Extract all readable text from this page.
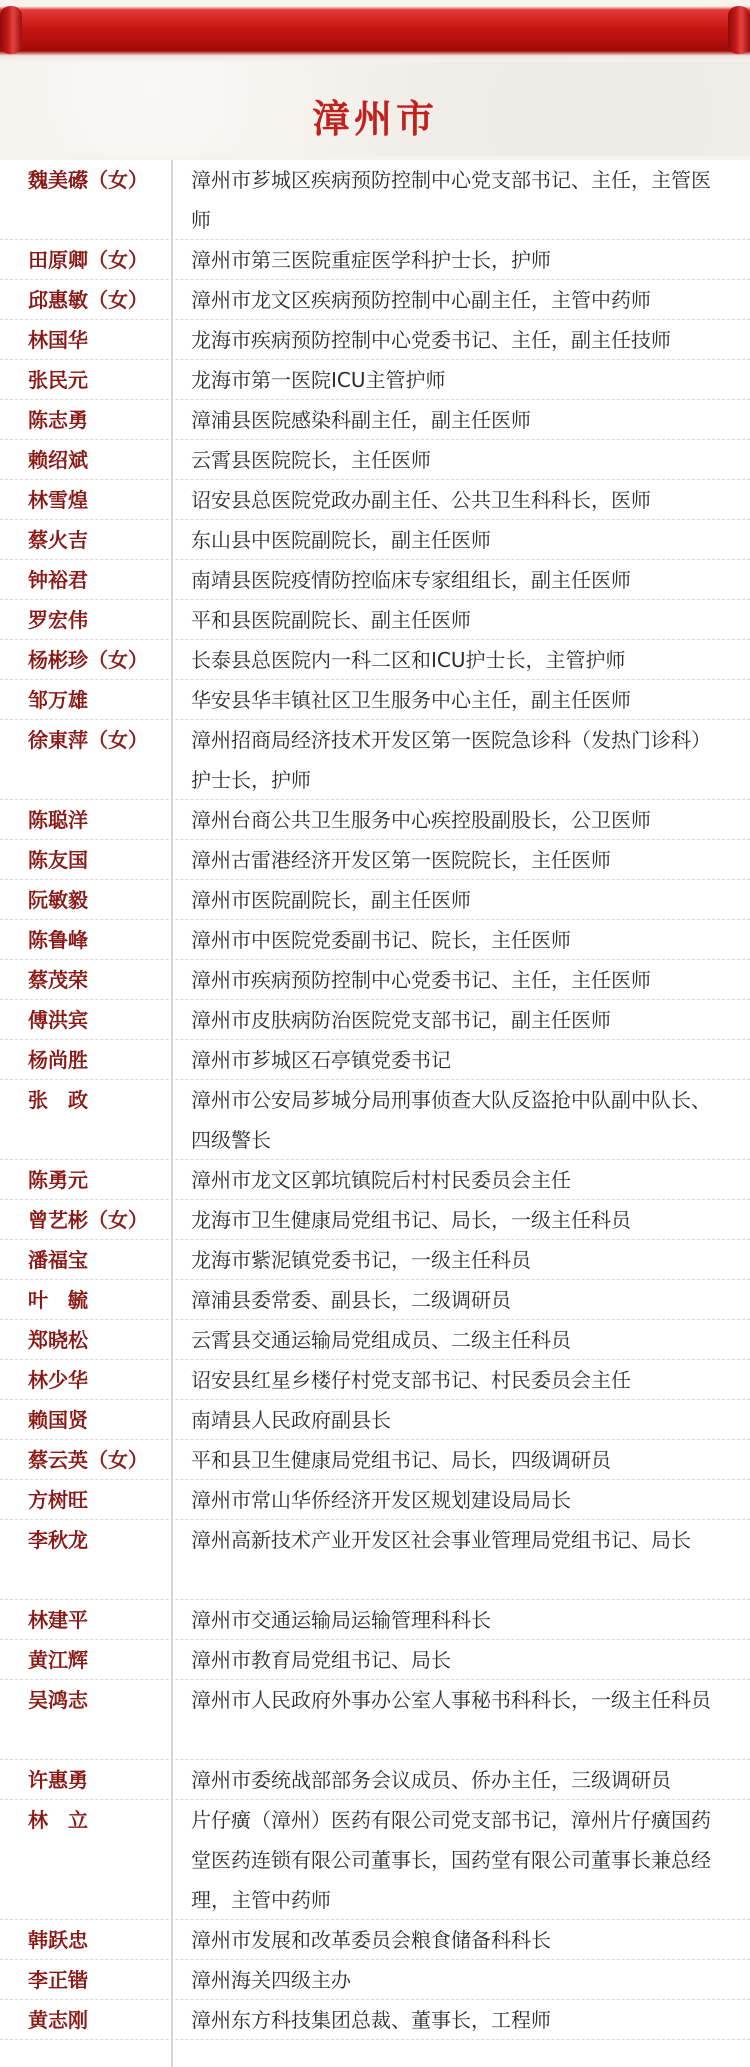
漳州市
魏美礤（女）	漳州市芗城区疾病预防控制中心党支部书记、主任，主管医师
田原卿（女）	漳州市第三医院重症医学科护士长，护师
邱惠敏（女）	漳州市龙文区疾病预防控制中心副主任，主管中药师
林国华	龙海市疾病预防控制中心党委书记、主任，副主任技师
张民元	龙海市第一医院ICU主管护师
陈志勇	漳浦县医院感染科副主任，副主任医师
赖绍斌	云霄县医院院长，主任医师
林雪煌	诏安县总医院党政办副主任、公共卫生科科长，医师
蔡火吉	东山县中医院副院长，副主任医师
钟裕君	南靖县医院疫情防控临床专家组组长，副主任医师
罗宏伟	平和县医院副院长、副主任医师
杨彬珍（女）	长泰县总医院内一科二区和ICU护士长，主管护师
邹万雄	华安县华丰镇社区卫生服务中心主任，副主任医师
徐東萍（女）	漳州招商局经济技术开发区第一医院急诊科（发热门诊科）护士长，护师
陈聪洋	漳州台商公共卫生服务中心疾控股副股长，公卫医师
陈友国	漳州古雷港经济开发区第一医院院长，主任医师
阮敏毅	漳州市医院副院长，副主任医师
陈鲁峰	漳州市中医院党委副书记、院长，主任医师
蔡茂荣	漳州市疾病预防控制中心党委书记、主任，主任医师
傅洪宾	漳州市皮肤病防治医院党支部书记，副主任医师
杨尚胜	漳州市芗城区石亭镇党委书记
张　政	漳州市公安局芗城分局刑事侦查大队反盗抢中队副中队长、四级警长
陈勇元	漳州市龙文区郭坑镇院后村村民委员会主任
曾艺彬（女）	龙海市卫生健康局党组书记、局长，一级主任科员
潘福宝	龙海市紫泥镇党委书记，一级主任科员
叶　毓	漳浦县委常委、副县长，二级调研员
郑晓松	云霄县交通运输局党组成员、二级主任科员
林少华	诏安县红星乡楼仔村党支部书记、村民委员会主任
赖国贤	南靖县人民政府副县长
蔡云英（女）	平和县卫生健康局党组书记、局长，四级调研员
方树旺	漳州市常山华侨经济开发区规划建设局局长
李秋龙	漳州高新技术产业开发区社会事业管理局党组书记、局长
林建平	漳州市交通运输局运输管理科科长
黄江辉	漳州市教育局党组书记、局长
吴鸿志	漳州市人民政府外事办公室人事秘书科科长，一级主任科员
许惠勇	漳州市委统战部部务会议成员、侨办主任，三级调研员
林　立	片仔癀（漳州）医药有限公司党支部书记，漳州片仔癀国药堂医药连锁有限公司董事长，国药堂有限公司董事长兼总经理，主管中药师
韩跃忠	漳州市发展和改革委员会粮食储备科科长
李正锴	漳州海关四级主办
黄志刚	漳州东方科技集团总裁、董事长，工程师
